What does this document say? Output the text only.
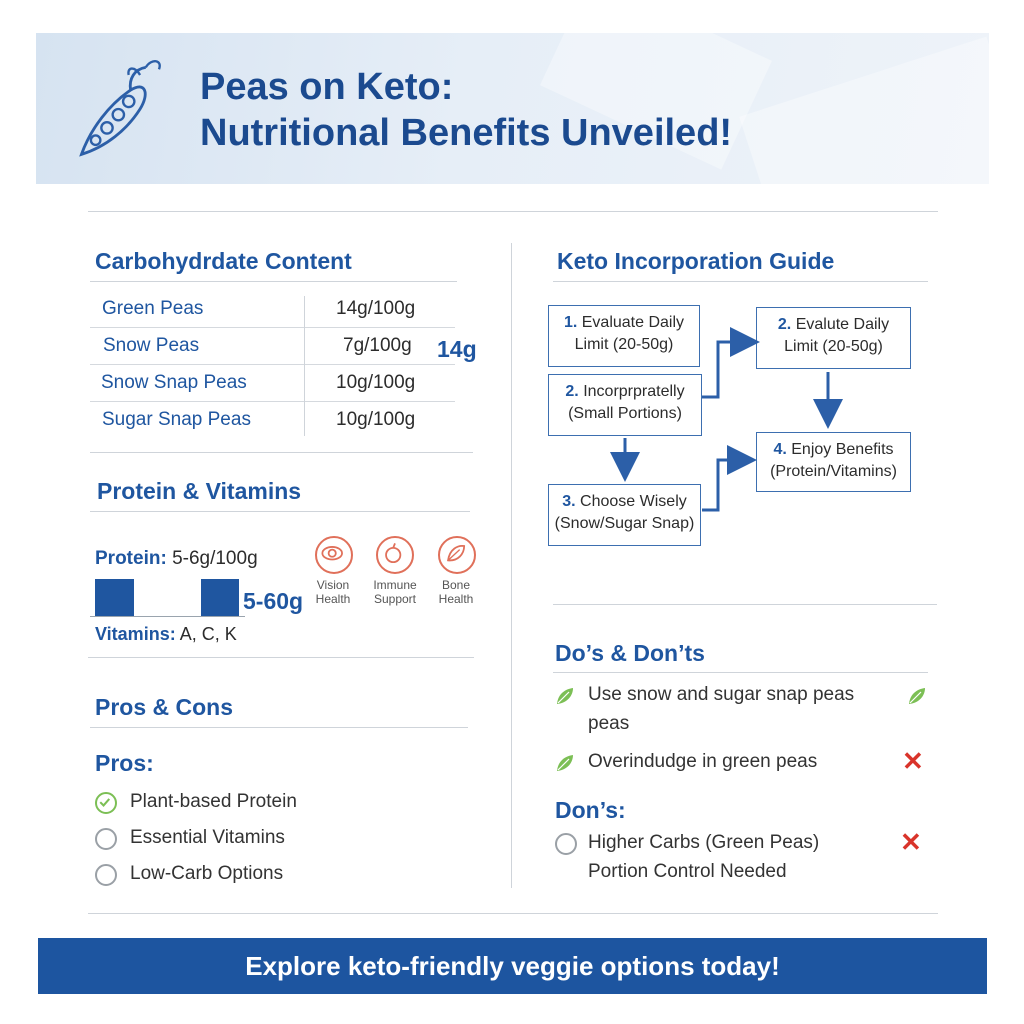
Peas on Keto:
Nutritional Benefits Unveiled!
Carbohydrdate Content
Green Peas	14g/100g
Snow Peas	7g/100g
Snow Snap Peas	10g/100g
Sugar Snap Peas	10g/100g
14g
Protein & Vitamins
Protein: 5-6g/100g
5-60g
Vitamins: A, C, K
Vision
Health
Immune
Support
Bone
Health
Pros & Cons
Pros:
Plant-based Protein
Essential Vitamins
Low-Carb Options
Keto Incorporation Guide
1. Evaluate Daily
Limit (20-50g)
2. Incorprpratelly
(Small Portions)
3. Choose Wisely
(Snow/Sugar Snap)
2. Evalute Daily
Limit (20-50g)
4. Enjoy Benefits
(Protein/Vitamins)
Do’s & Don’ts
Use snow and sugar snap peas
peas
Overindudge in green peas	✕
Don’s:
Higher Carbs (Green Peas)
Portion Control Needed
✕
Explore keto-friendly veggie options today!
